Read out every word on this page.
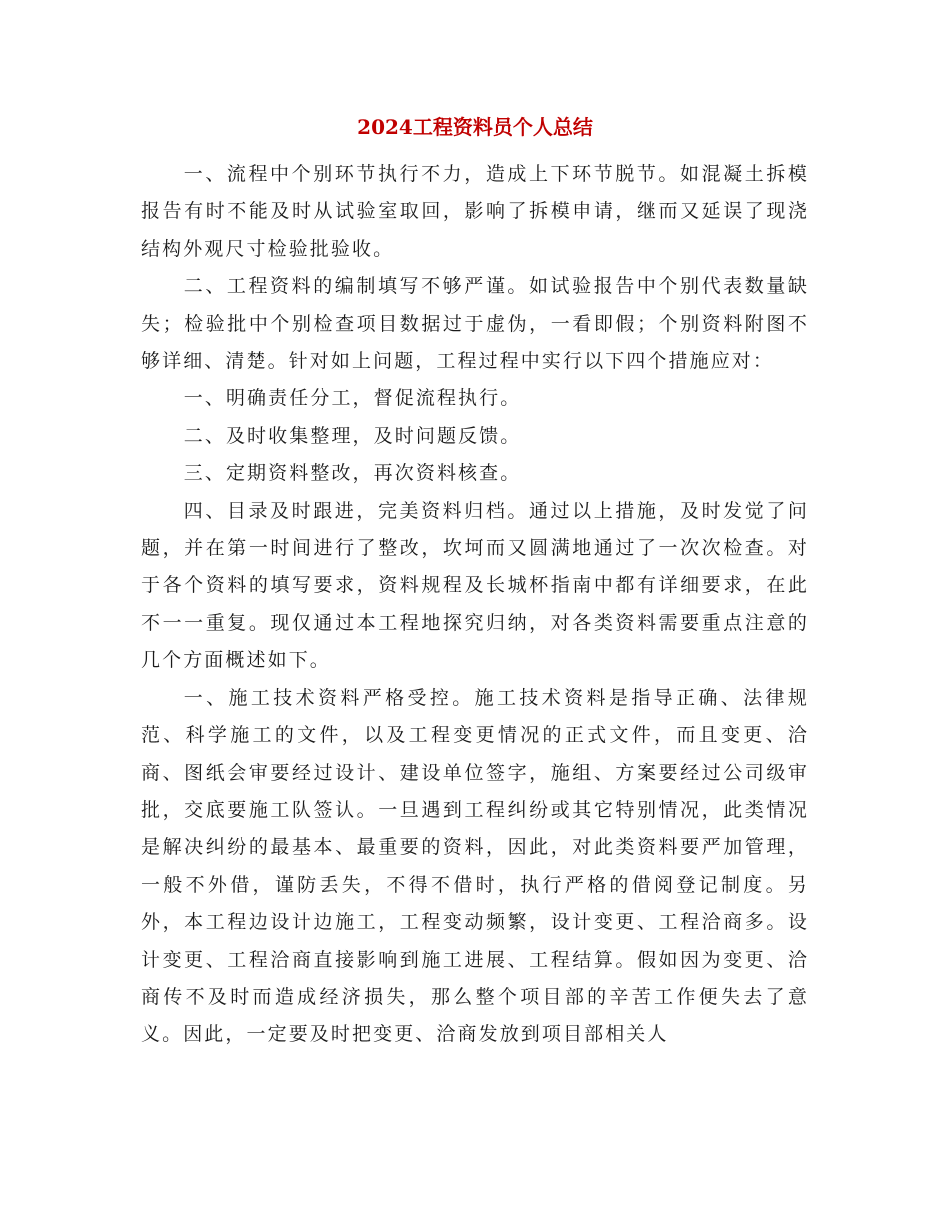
2024工程资料员个人总结

一、流程中个别环节执行不力，造成上下环节脱节。如混凝土拆模报告有时不能及时从试验室取回，影响了拆模申请，继而又延误了现浇结构外观尺寸检验批验收。

二、工程资料的编制填写不够严谨。如试验报告中个别代表数量缺失；检验批中个别检查项目数据过于虚伪，一看即假；个别资料附图不够详细、清楚。针对如上问题，工程过程中实行以下四个措施应对：

一、明确责任分工，督促流程执行。

二、及时收集整理，及时问题反馈。

三、定期资料整改，再次资料核查。

四、目录及时跟进，完美资料归档。通过以上措施，及时发觉了问题，并在第一时间进行了整改，坎坷而又圆满地通过了一次次检查。对于各个资料的填写要求，资料规程及长城杯指南中都有详细要求，在此不一一重复。现仅通过本工程地探究归纳，对各类资料需要重点注意的几个方面概述如下。

一、施工技术资料严格受控。施工技术资料是指导正确、法律规范、科学施工的文件，以及工程变更情况的正式文件，而且变更、洽商、图纸会审要经过设计、建设单位签字，施组、方案要经过公司级审批，交底要施工队签认。一旦遇到工程纠纷或其它特别情况，此类情况是解决纠纷的最基本、最重要的资料，因此，对此类资料要严加管理，一般不外借，谨防丢失，不得不借时，执行严格的借阅登记制度。另外，本工程边设计边施工，工程变动频繁，设计变更、工程洽商多。设计变更、工程洽商直接影响到施工进展、工程结算。假如因为变更、洽商传不及时而造成经济损失，那么整个项目部的辛苦工作便失去了意义。因此，一定要及时把变更、洽商发放到项目部相关人
